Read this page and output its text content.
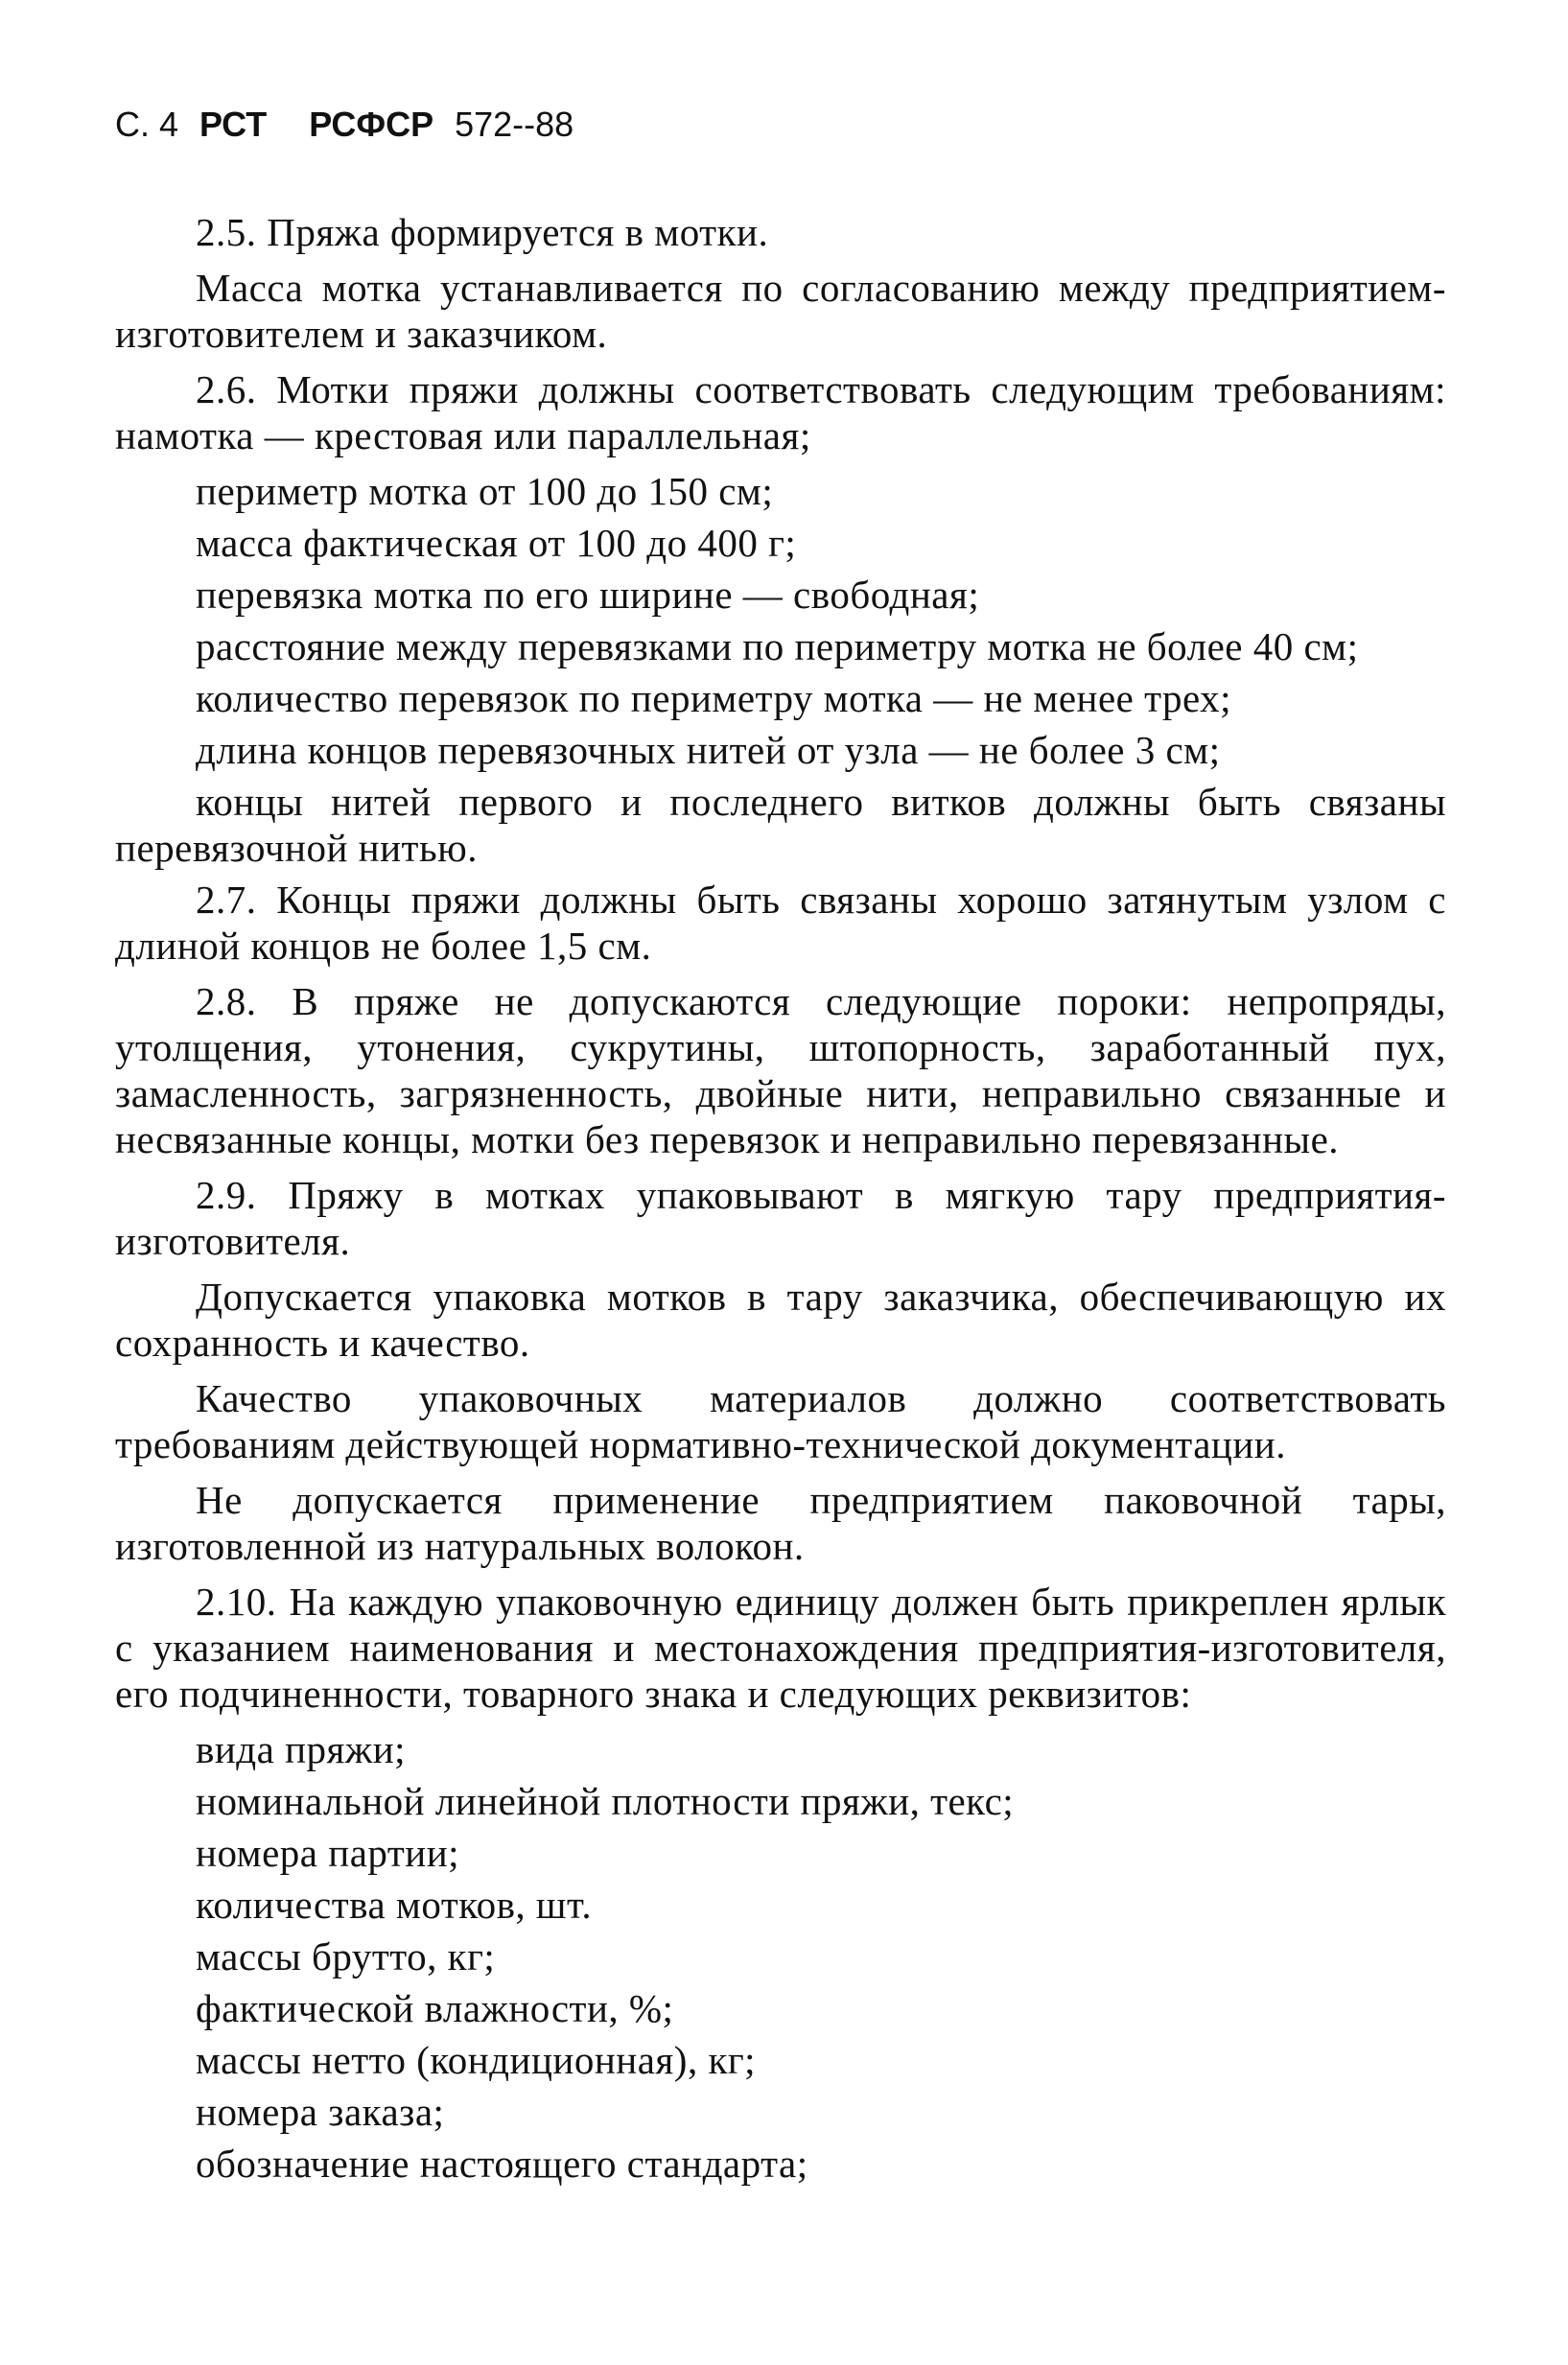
С. 4 РСТ РСФСР 572--88

2.5. Пряжа формируется в мотки.

Масса мотка устанавливается по согласованию между предприятием-изготовителем и заказчиком.

2.6. Мотки пряжи должны соответствовать следующим требованиям: намотка — крестовая или параллельная;

периметр мотка от 100 до 150 см;

масса фактическая от 100 до 400 г;

перевязка мотка по его ширине — свободная;

расстояние между перевязками по периметру мотка не более 40 см;

количество перевязок по периметру мотка — не менее трех;

длина концов перевязочных нитей от узла — не более 3 см;

концы нитей первого и последнего витков должны быть связаны перевязочной нитью.

2.7. Концы пряжи должны быть связаны хорошо затянутым узлом с длиной концов не более 1,5 см.

2.8. В пряже не допускаются следующие пороки: непропряды, утолщения, утонения, сукрутины, штопорность, заработанный пух, замасленность, загрязненность, двойные нити, неправильно связанные и несвязанные концы, мотки без перевязок и неправильно перевязанные.

2.9. Пряжу в мотках упаковывают в мягкую тару предприятия-изготовителя.

Допускается упаковка мотков в тару заказчика, обеспечивающую их сохранность и качество.

Качество упаковочных материалов должно соответствовать требованиям действующей нормативно-технической документации.

Не допускается применение предприятием паковочной тары, изготовленной из натуральных волокон.

2.10. На каждую упаковочную единицу должен быть прикреплен ярлык с указанием наименования и местонахождения предприятия-изготовителя, его подчиненности, товарного знака и следующих реквизитов:

вида пряжи;

номинальной линейной плотности пряжи, текс;

номера партии;

количества мотков, шт.

массы брутто, кг;

фактической влажности, %;

массы нетто (кондиционная), кг;

номера заказа;

обозначение настоящего стандарта;
